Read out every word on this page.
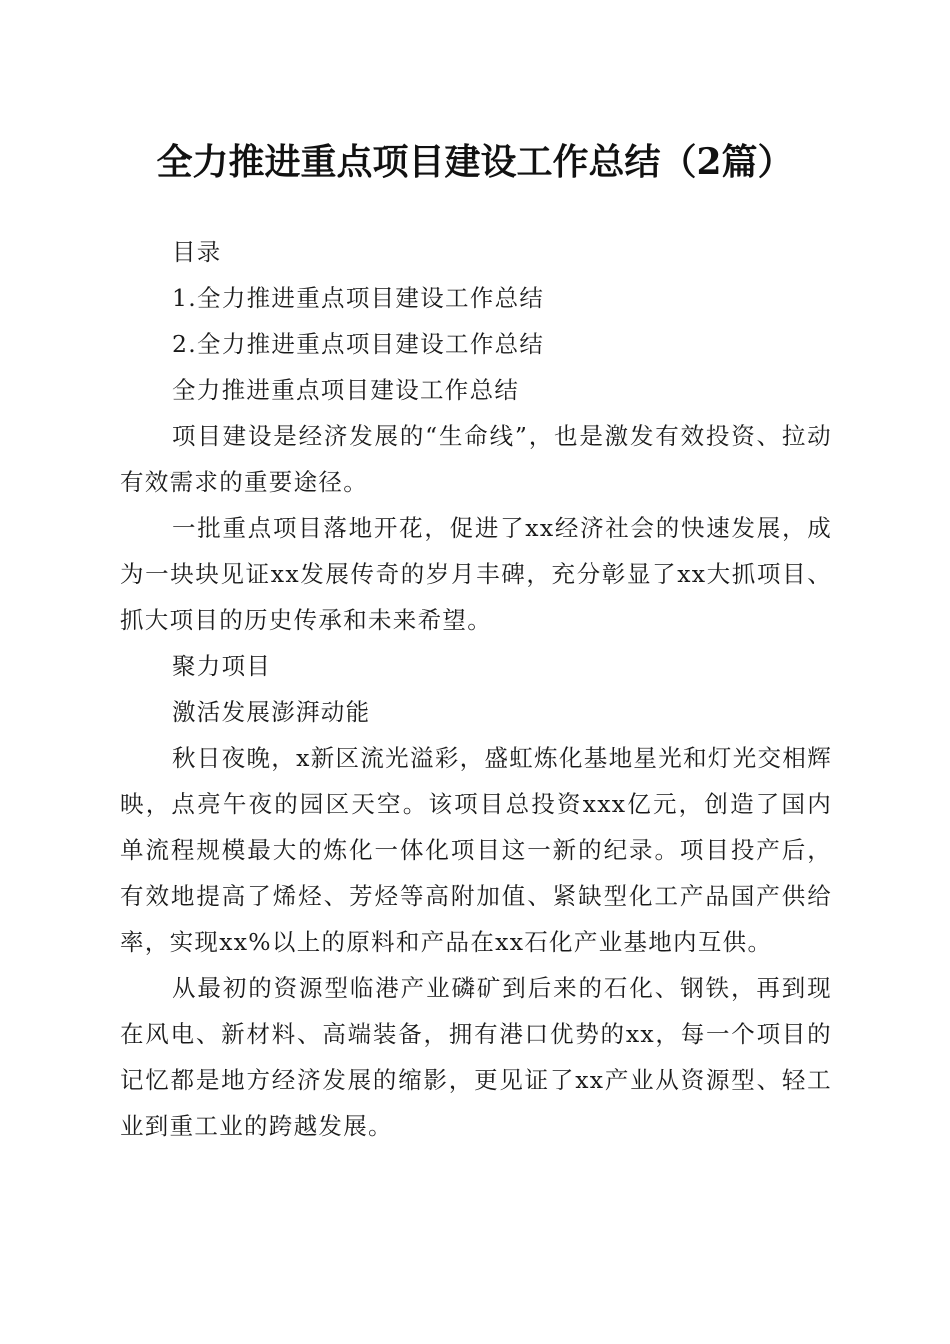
全力推进重点项目建设工作总结（2篇）

目录

1.全力推进重点项目建设工作总结

2.全力推进重点项目建设工作总结

全力推进重点项目建设工作总结

项目建设是经济发展的“生命线”，也是激发有效投资、拉动有效需求的重要途径。

一批重点项目落地开花，促进了xx经济社会的快速发展，成为一块块见证xx发展传奇的岁月丰碑，充分彰显了xx大抓项目、抓大项目的历史传承和未来希望。

聚力项目

激活发展澎湃动能

秋日夜晚，x新区流光溢彩，盛虹炼化基地星光和灯光交相辉映，点亮午夜的园区天空。该项目总投资xxx亿元，创造了国内单流程规模最大的炼化一体化项目这一新的纪录。项目投产后，有效地提高了烯烃、芳烃等高附加值、紧缺型化工产品国产供给率，实现xx%以上的原料和产品在xx石化产业基地内互供。

从最初的资源型临港产业磷矿到后来的石化、钢铁，再到现在风电、新材料、高端装备，拥有港口优势的xx，每一个项目的记忆都是地方经济发展的缩影，更见证了xx产业从资源型、轻工业到重工业的跨越发展。
